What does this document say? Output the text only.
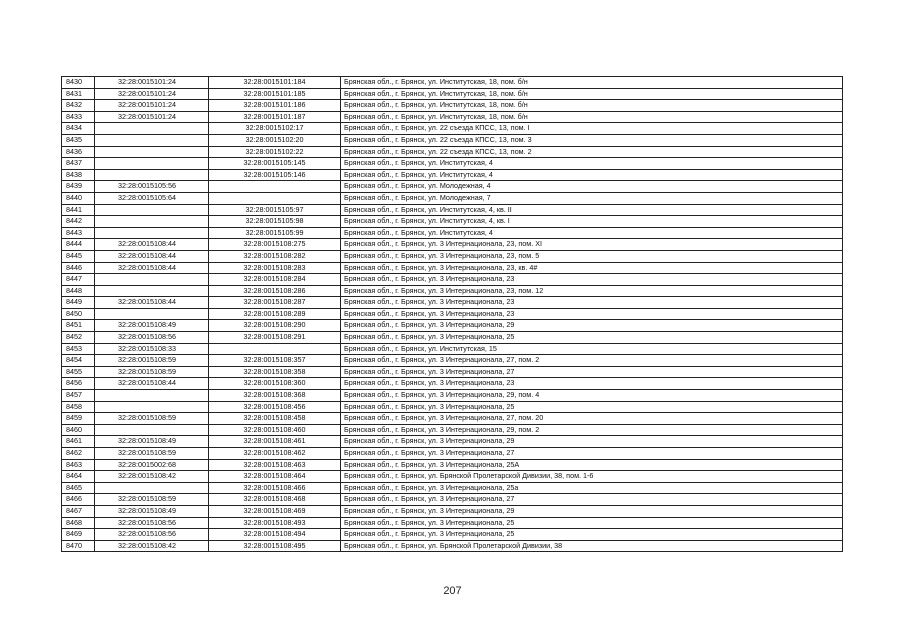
8430	32:28:0015101:24	32:28:0015101:184	Брянская обл., г. Брянск, ул. Институтская, 18, пом. б/н
8431	32:28:0015101:24	32:28:0015101:185	Брянская обл., г. Брянск, ул. Институтская, 18, пом. б/н
8432	32:28:0015101:24	32:28:0015101:186	Брянская обл., г. Брянск, ул. Институтская, 18, пом. б/н
8433	32:28:0015101:24	32:28:0015101:187	Брянская обл., г. Брянск, ул. Институтская, 18, пом. б/н
8434		32:28:0015102:17	Брянская обл., г. Брянск, ул. 22 съезда КПСС, 13, пом. I
8435		32:28:0015102:20	Брянская обл., г. Брянск, ул. 22 съезда КПСС, 13, пом. 3
8436		32:28:0015102:22	Брянская обл., г. Брянск, ул. 22 съезда КПСС, 13, пом. 2
8437		32:28:0015105:145	Брянская обл., г. Брянск, ул. Институтская, 4
8438		32:28:0015105:146	Брянская обл., г. Брянск, ул. Институтская, 4
8439	32:28:0015105:56		Брянская обл., г. Брянск, ул. Молодежная, 4
8440	32:28:0015105:64		Брянская обл., г. Брянск, ул. Молодежная, 7
8441		32:28:0015105:97	Брянская обл., г. Брянск, ул. Институтская, 4, кв. II
8442		32:28:0015105:98	Брянская обл., г. Брянск, ул. Институтская, 4, кв. I
8443		32:28:0015105:99	Брянская обл., г. Брянск, ул. Институтская, 4
8444	32:28:0015108:44	32:28:0015108:275	Брянская обл., г. Брянск, ул. 3 Интернационала, 23, пом. XI
8445	32:28:0015108:44	32:28:0015108:282	Брянская обл., г. Брянск, ул. 3 Интернационала, 23, пом. 5
8446	32:28:0015108:44	32:28:0015108:283	Брянская обл., г. Брянск, ул. 3 Интернационала, 23, кв. 4#
8447		32:28:0015108:284	Брянская обл., г. Брянск, ул. 3 Интернационала, 23
8448		32:28:0015108:286	Брянская обл., г. Брянск, ул. 3 Интернационала, 23, пом. 12
8449	32:28:0015108:44	32:28:0015108:287	Брянская обл., г. Брянск, ул. 3 Интернационала, 23
8450		32:28:0015108:289	Брянская обл., г. Брянск, ул. 3 Интернационала, 23
8451	32:28:0015108:49	32:28:0015108:290	Брянская обл., г. Брянск, ул. 3 Интернационала, 29
8452	32:28:0015108:56	32:28:0015108:291	Брянская обл., г. Брянск, ул. 3 Интернационала, 25
8453	32:28:0015108:33		Брянская обл., г. Брянск, ул. Институтская, 15
8454	32:28:0015108:59	32:28:0015108:357	Брянская обл., г. Брянск, ул. 3 Интернационала, 27, пом. 2
8455	32:28:0015108:59	32:28:0015108:358	Брянская обл., г. Брянск, ул. 3 Интернационала, 27
8456	32:28:0015108:44	32:28:0015108:360	Брянская обл., г. Брянск, ул. 3 Интернационала, 23
8457		32:28:0015108:368	Брянская обл., г. Брянск, ул. 3 Интернационала, 29, пом. 4
8458		32:28:0015108:456	Брянская обл., г. Брянск, ул. 3 Интернационала, 25
8459	32:28:0015108:59	32:28:0015108:458	Брянская обл., г. Брянск, ул. 3 Интернационала, 27, пом. 20
8460		32:28:0015108:460	Брянская обл., г. Брянск, ул. 3 Интернационала, 29, пом. 2
8461	32:28:0015108:49	32:28:0015108:461	Брянская обл., г. Брянск, ул. 3 Интернационала, 29
8462	32:28:0015108:59	32:28:0015108:462	Брянская обл., г. Брянск, ул. 3 Интернационала, 27
8463	32:28:0015002:68	32:28:0015108:463	Брянская обл., г. Брянск, ул. 3 Интернационала, 25А
8464	32:28:0015108:42	32:28:0015108:464	Брянская обл., г. Брянск, ул. Брянской Пролетарской Дивизии, 38, пом. 1-6
8465		32:28:0015108:466	Брянская обл., г. Брянск, ул. 3 Интернационала, 25а
8466	32:28:0015108:59	32:28:0015108:468	Брянская обл., г. Брянск, ул. 3 Интернационала, 27
8467	32:28:0015108:49	32:28:0015108:469	Брянская обл., г. Брянск, ул. 3 Интернационала, 29
8468	32:28:0015108:56	32:28:0015108:493	Брянская обл., г. Брянск, ул. 3 Интернационала, 25
8469	32:28:0015108:56	32:28:0015108:494	Брянская обл., г. Брянск, ул. 3 Интернационала, 25
8470	32:28:0015108:42	32:28:0015108:495	Брянская обл., г. Брянск, ул. Брянской Пролетарской Дивизии, 38
207
